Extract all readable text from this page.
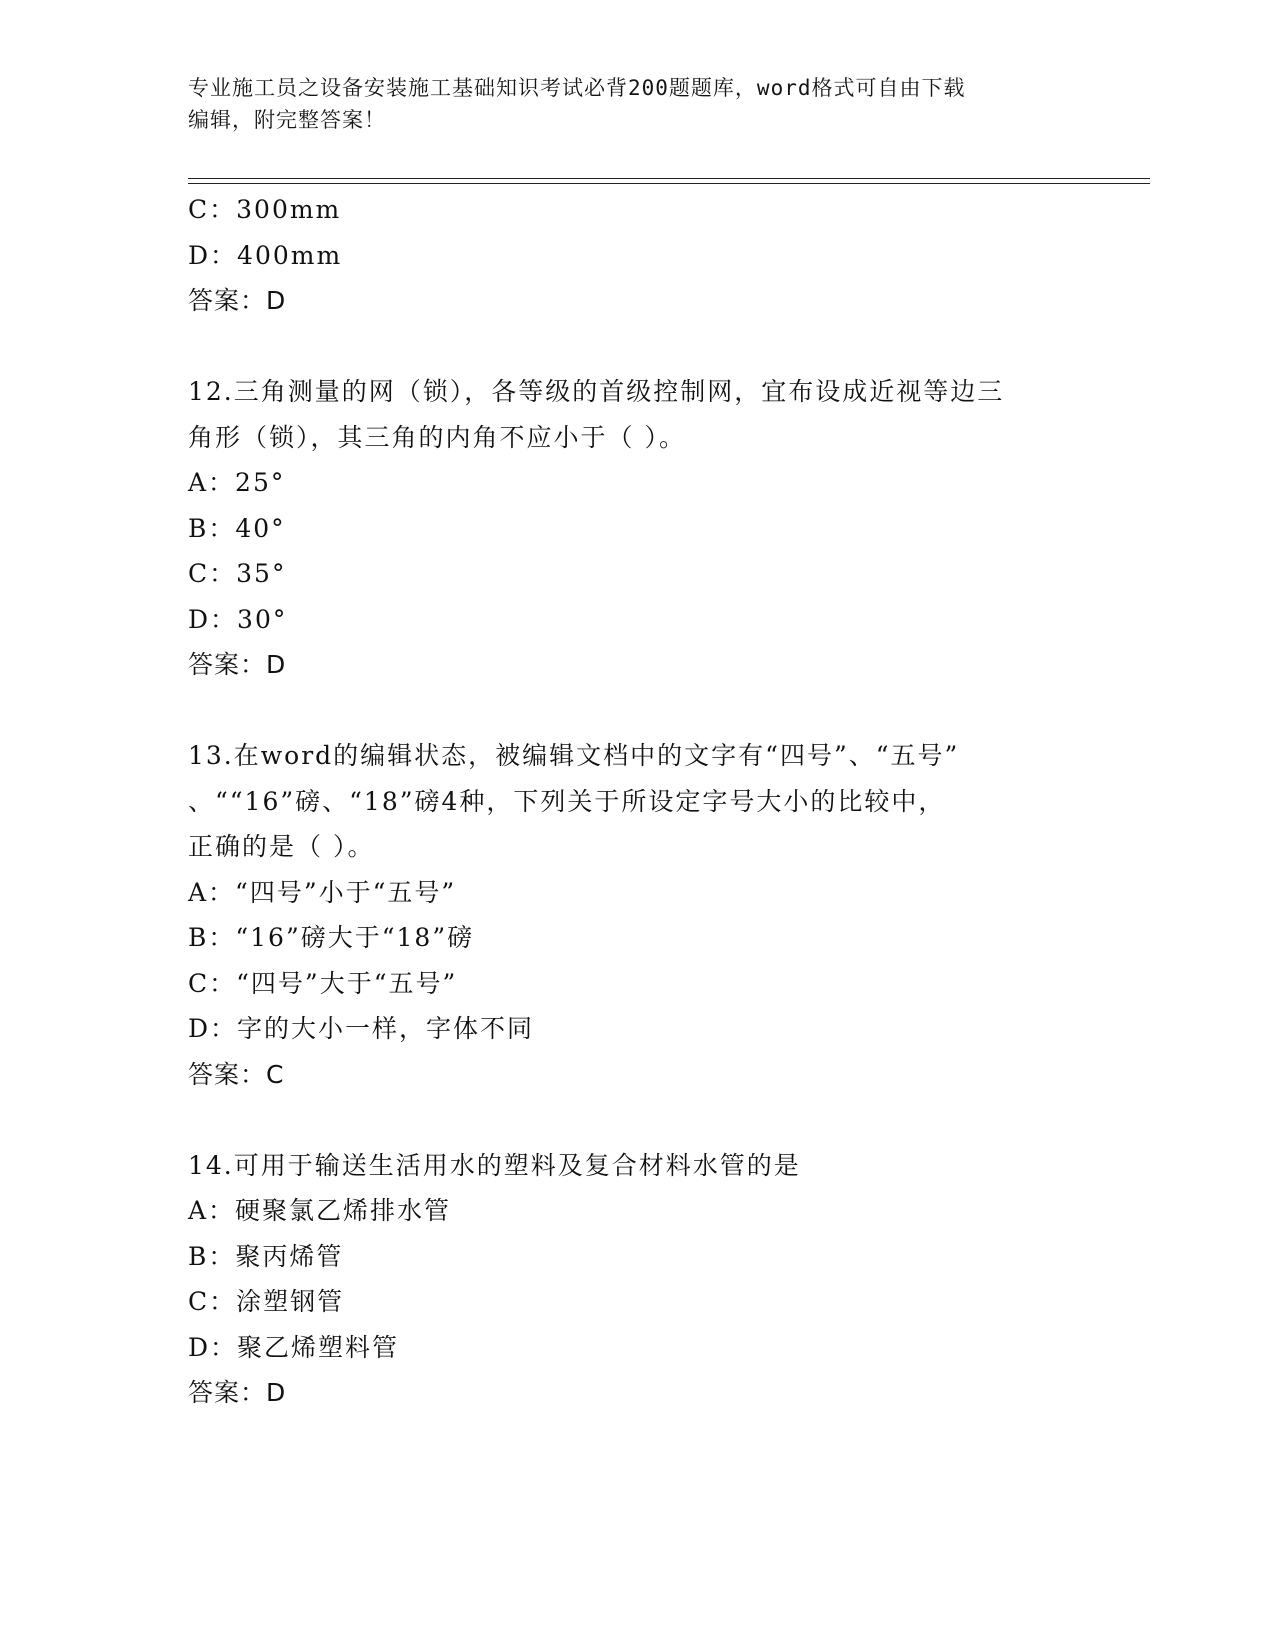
专业施工员之设备安装施工基础知识考试必背200题题库，word格式可自由下载
编辑，附完整答案！
C：300mm
D：400mm
答案：D
12.三角测量的网（锁），各等级的首级控制网，宜布设成近视等边三
角形（锁），其三角的内角不应小于（ ）。
A：25°
B：40°
C：35°
D：30°
答案：D
13.在word的编辑状态，被编辑文档中的文字有“四号”、“五号”
、““16”磅、“18”磅4种，下列关于所设定字号大小的比较中，
正确的是（ ）。
A：“四号”小于“五号”
B：“16”磅大于“18”磅
C：“四号”大于“五号”
D：字的大小一样，字体不同
答案：C
14.可用于输送生活用水的塑料及复合材料水管的是
A：硬聚氯乙烯排水管
B：聚丙烯管
C：涂塑钢管
D：聚乙烯塑料管
答案：D
